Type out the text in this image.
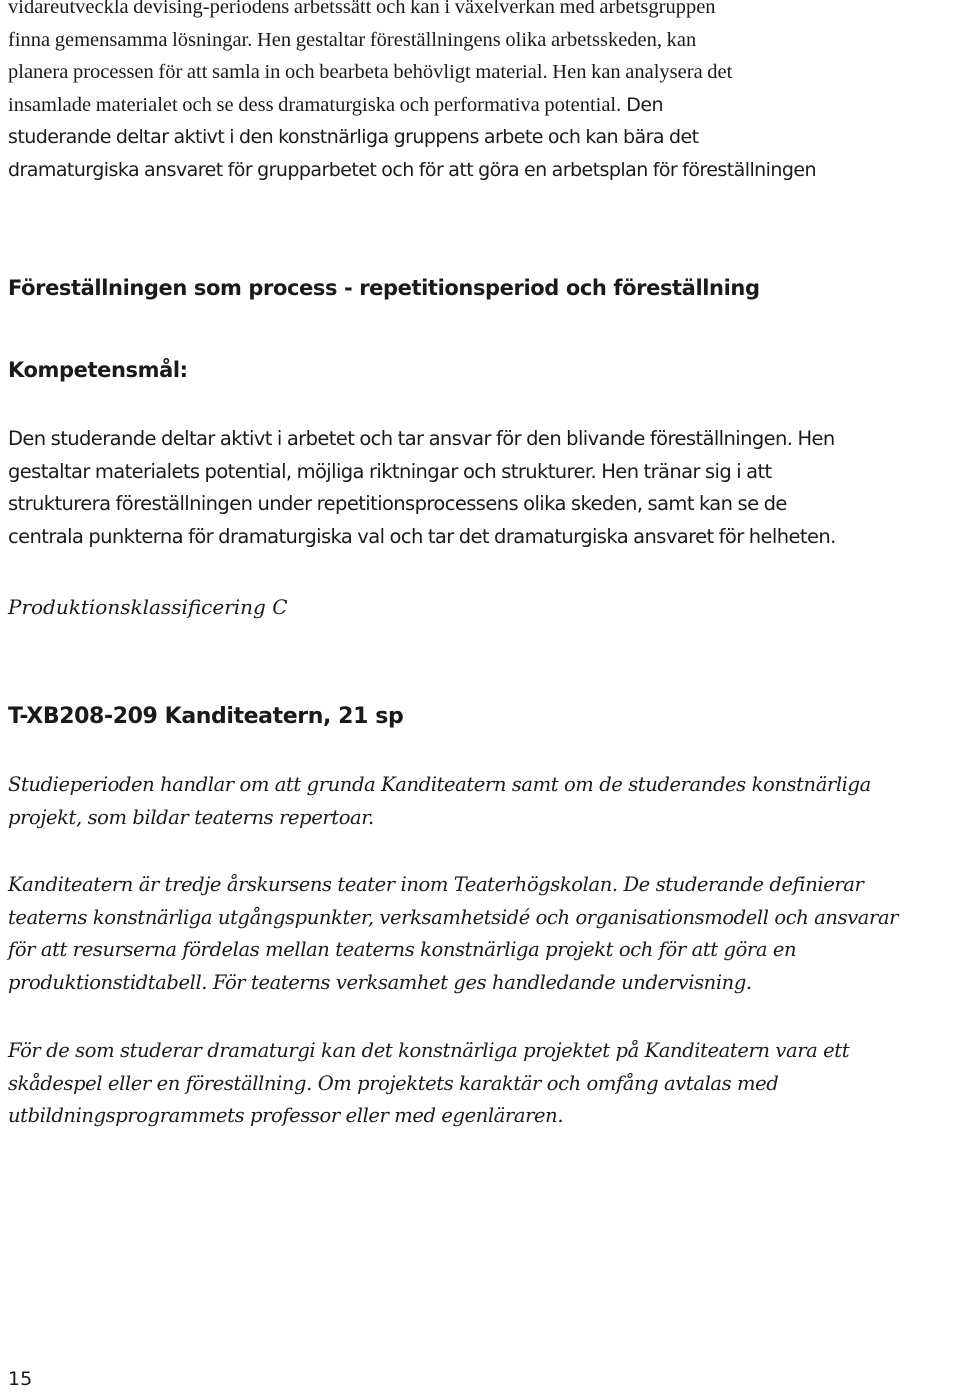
vidareutveckla devising-periodens arbetssätt och kan i växelverkan med arbetsgruppen
finna gemensamma lösningar. Hen gestaltar föreställningens olika arbetsskeden, kan
planera processen för att samla in och bearbeta behövligt material. Hen kan analysera det
insamlade materialet och se dess dramaturgiska och performativa potential. Den
studerande deltar aktivt i den konstnärliga gruppens arbete och kan bära det
dramaturgiska ansvaret för grupparbetet och för att göra en arbetsplan för föreställningen

Föreställningen som process - repetitionsperiod och föreställning
Kompetensmål:

Den studerande deltar aktivt i arbetet och tar ansvar för den blivande föreställningen. Hen
gestaltar materialets potential, möjliga riktningar och strukturer. Hen tränar sig i att
strukturera föreställningen under repetitionsprocessens olika skeden, samt kan se de
centrala punkterna för dramaturgiska val och tar det dramaturgiska ansvaret för helheten.

Produktionsklassificering C
T-XB208-209 Kanditeatern, 21 sp

Studieperioden handlar om att grunda Kanditeatern samt om de studerandes konstnärliga
projekt, som bildar teaterns repertoar.

Kanditeatern är tredje årskursens teater inom Teaterhögskolan. De studerande definierar
teaterns konstnärliga utgångspunkter, verksamhetsidé och organisationsmodell och ansvarar
för att resurserna fördelas mellan teaterns konstnärliga projekt och för att göra en
produktionstidtabell. För teaterns verksamhet ges handledande undervisning.

För de som studerar dramaturgi kan det konstnärliga projektet på Kanditeatern vara ett
skådespel eller en föreställning. Om projektets karaktär och omfång avtalas med
utbildningsprogrammets professor eller med egenläraren.

15
